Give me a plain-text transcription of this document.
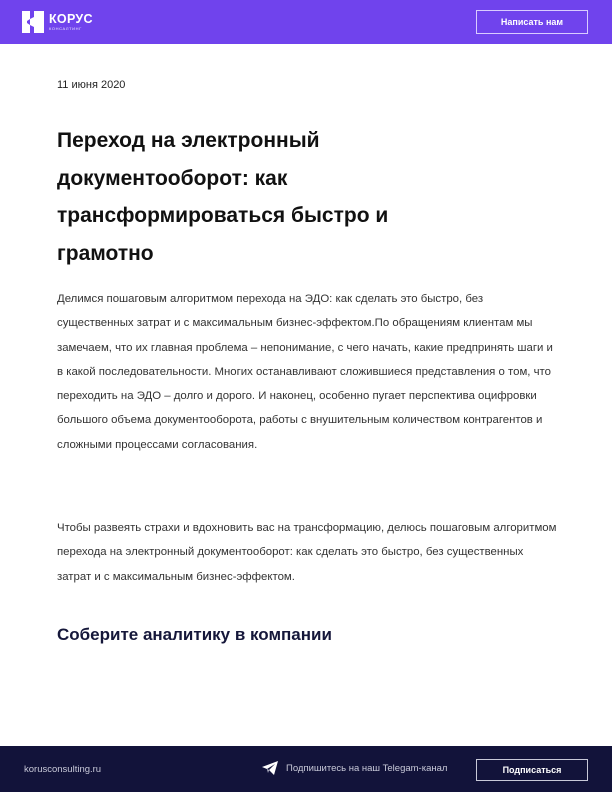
КОРУС
КОНСАЛТИНГ
Написать нам
11 июня 2020
Переход на электронный документооборот: как трансформироваться быстро и грамотно

Делимся пошаговым алгоритмом перехода на ЭДО: как сделать это быстро, без существенных затрат и с максимальным бизнес-эффектом.По обращениям клиентам мы замечаем, что их главная проблема – непонимание, с чего начать, какие предпринять шаги и в какой последовательности. Многих останавливают сложившиеся представления о том, что переходить на ЭДО – долго и дорого. И наконец, особенно пугает перспектива оцифровки большого объема документооборота, работы с внушительным количеством контрагентов и сложными процессами согласования.

Чтобы развеять страхи и вдохновить вас на трансформацию, делюсь пошаговым алгоритмом перехода на электронный документооборот: как сделать это быстро, без существенных затрат и с максимальным бизнес-эффектом.

Соберите аналитику в компании
korusconsulting.ru	Подпишитесь на наш Telegam-канал	Подписаться
